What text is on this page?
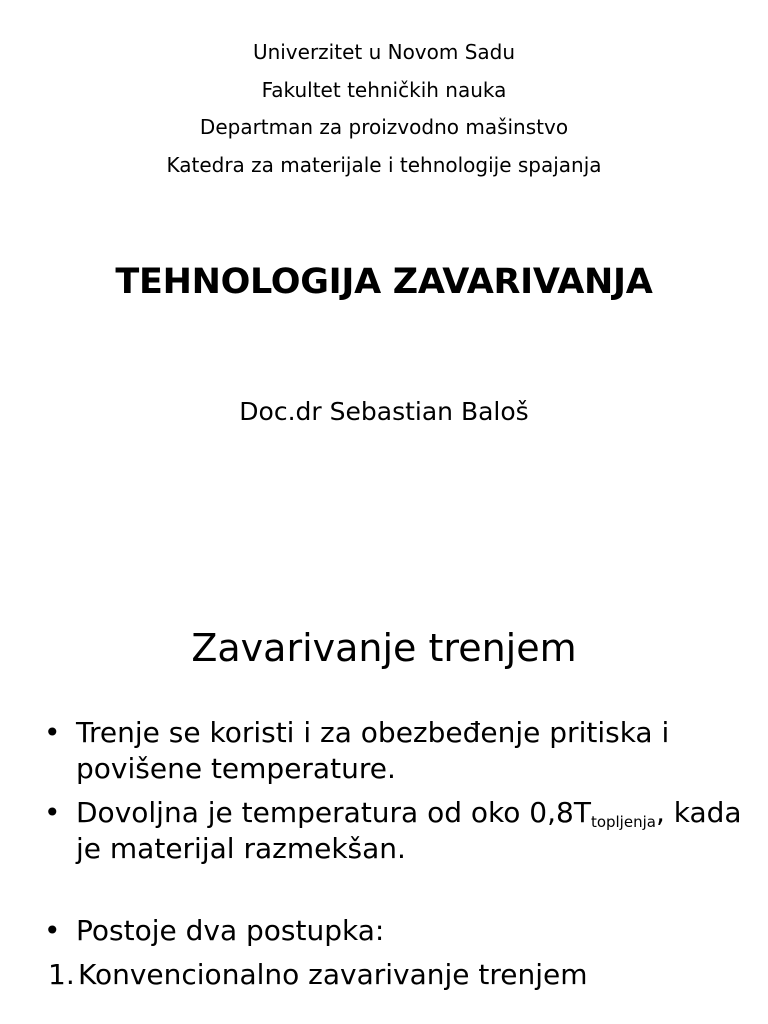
Univerzitet u Novom Sadu
Fakultet tehničkih nauka
Departman za proizvodno mašinstvo
Katedra za materijale i tehnologije spajanja
TEHNOLOGIJA ZAVARIVANJA
Doc.dr Sebastian Baloš
Zavarivanje trenjem
• Trenje se koristi i za obezbeđenje pritiska i povišene temperature.
• Dovoljna je temperatura od oko $0,8T_{topljenja}$, kada je materijal razmekšan.
• Postoje dva postupka:
1. Konvencionalno zavarivanje trenjem
